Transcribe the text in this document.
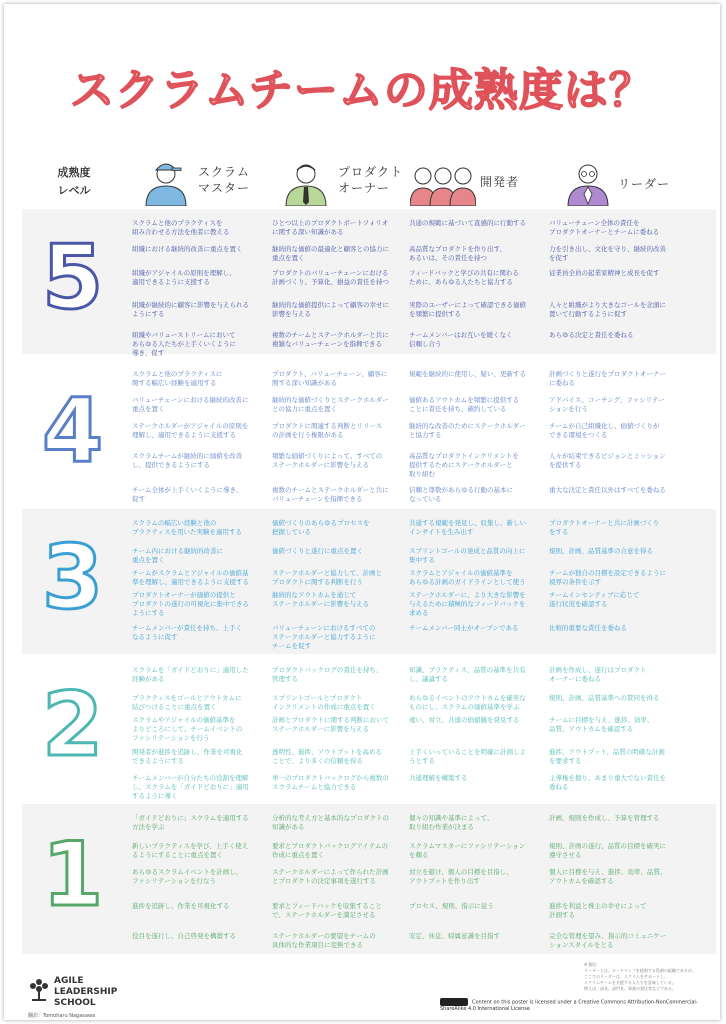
スクラムチームの成熟度は？
成熟度
レベル
スクラム
マスター
プロダクト
オーナー	開発者	リーダー
5
スクラムと他のプラクティスを
組み合わせる方法を他者に教える
組織における継続的改善に重点を置く
組織がアジャイルの原則を理解し、
適用できるように支援する
組織が継続的に顧客に影響を与えられる
ようにする
組織やバリューストリームにおいて
あらゆる人たちが上手くいくように
導き、促す
ひとつ以上のプロダクトポートフォリオ
に関する深い知識がある
継続的な価値の最適化と顧客との協力に
重点を置く
プロダクトのバリューチェーンにおける
計画づくり、予算化、損益の責任を持つ
継続的な価値提供によって顧客の幸せに
影響を与える
複数のチームとステークホルダーと共に
複雑なバリューチェーンを指揮できる
共通の規範に基づいて直感的に行動する
高品質なプロダクトを作り出す、
あるいは、その責任を持つ
フィードバックと学びの共有に関わる
ために、あらゆる人たちと協力する
実際のユーザーによって確認できる価値
を頻繁に提供する
チームメンバーはお互いを緩くなく
信頼し合う
バリューチェーン全体の責任を
プロダクトオーナーとチームに委ねる
力を引き出し、文化を守り、継続的改善
を促す
従業員全員の起業家精神と成長を促す
人々と組織がより大きなゴールを念頭に
置いて行動するように促す
あらゆる決定と責任を委ねる
4
スクラムと他のプラクティスに
関する幅広い経験を適用する
バリューチェーンにおける継続的改善に
重点を置く
ステークホルダーがアジャイルの原則を
理解し、適用できるように支援する
スクラムチームが継続的に価値を改善
し、提供できるようにする
チーム全体が上手くいくように導き、
促す
プロダクト、バリューチェーン、顧客に
関する深い知識がある
継続的な価値づくりとステークホルダー
との協力に重点を置く
プロダクトに関連する判断とリリース
の計画を行う権限がある
頻繁な価値づくりによって、すべての
ステークホルダーに影響を与える
複数のチームとステークホルダーと共に
バリューチェーンを指揮できる
規範を継続的に使用し、疑い、更新する
価値あるアウトカムを頻繁に提供する
ことに責任を持ち、確約している
継続的な改善のためにステークホルダー
と協力する
高品質なプロダクトインクリメントを
提供するためにステークホルダーと
取り組む
信頼と尊敬があらゆる行動の基本に
なっている
計画づくりと遂行をプロダクトオーナー
に委ねる
アドバイス、コーチング、ファシリテー
ションを行う
チームが自己組織化し、価値づくりが
できる環境をつくる
人々が結束できるビジョンとミッション
を提供する
重大な決定と責任以外はすべてを委ねる
3
スクラムの幅広い経験と他の
プラクティスを用いた実験を適用する
チーム内における継続的改善に
重点を置く
チームがスクラムとアジャイルの価値基
準を理解し、適用できるように支援する
プロダクトオーナーが価値の提供と
プロダクトの遂行の可視化に集中できる
ようにする
チームメンバーが責任を持ち、上手く
なるように促す
価値づくりのあらゆるプロセスを
把握している
価値づくりと遂行に重点を置く
ステークホルダーと協力して、計画と
プロダクトに関する判断を行う
継続的なアウトカムを通じて
ステークホルダーに影響を与える
バリューチェーンにおけるすべての
ステークホルダーと協力するように
チームを促す
共通する規範を発見し、収集し、新しい
インサイトを生み出す
スプリントゴールの達成と品質の向上に
集中する
スクラムとアジャイルの価値基準を
あらゆる計画のガイドラインとして使う
ステークホルダーに、より大きな影響を
与えるために積極的なフィードバックを
求める
チームメンバー同士がオープンである
プロダクトオーナーと共に計画づくり
をする
規則、計画、品質基準の合意を得る
チームが独自の目標を設定できるように
境界の条件を示す
チームインセンティブに応じて
遂行状況を確認する
比較的重要な責任を委ねる
2
スクラムを「ガイドどおりに」適用した
経験がある
プラクティスをゴールとアウトカムに
結びつけることに重点を置く
スクラムやアジャイルの価値基準を
よりどころにして、チームイベントの
ファシリテーションを行う
開発者が進捗を追跡し、作業を可視化
できるようにする
チームメンバーが自分たちの役割を理解
し、スクラムを「ガイドどおりに」適用
するように導く
プロダクトバックログの責任を持ち、
管理する
スプリントゴールとプロダクト
インクリメントの作成に重点を置く
計画とプロダクトに関する判断において
ステークホルダーに影響を与える
透明性、進捗、アウトプットを高める
ことで、より多くの信頼を得る
単一のプロダクトバックログから複数の
スクラムチームと協力できる
知識、プラクティス、品質の基準を共有
し、議論する
あらゆるイベントのアウトカムを確実な
ものにし、スクラムの価値基準を学ぶ
違い、対立、共通の価値観を発見する
上手くいっていることを明確に計測しよ
うとする
共通理解を構築する
計画を作成し、遂行はプロダクト
オーナーに委ねる
規則、計画、品質基準への賛同を得る
チームに目標を与え、進捗、効率、
品質、アウトカムを確認する
進捗、アウトプット、品質の明確な計測
を要求する
主導権を握り、あまり重大でない責任を
委ねる
1
「ガイドどおりに」スクラムを適用する
方法を学ぶ
新しいプラクティスを学び、上手く使え
るようにすることに重点を置く
あらゆるスクラムイベントを計画し、
ファシリテーションを行なう
進捗を追跡し、作業を可視化する
役目を遂行し、自己啓発を構築する
分析的な考え方と基本的なプロダクトの
知識がある
要求とプロダクトバックログアイテムの
作成に重点を置く
ステークホルダーによって作られた計画
とプロダクトの決定事項を遂行する
要求とフィードバックを収集すること
で、ステークホルダーを満足させる
ステークホルダーの要望をチームの
具体的な作業項目に変換できる
個々の知識や基準によって、
取り組む作業が決まる
スクラムマスターにファシリテーション
を頼る
対立を避け、個人の目標を目指し、
アウトプットを作り出す
プロセス、規則、指示に従う
安定、休息、帰属意識を目指す
計画、規則を作成し、予算を管理する
規則、計画の遂行、品質の目標を確実に
遵守させる
個人に目標を与え、進捗、効率、品質、
アウトカムを確認する
進捗を利益と株主の幸せによって
計測する
完全な管理を望み、指示的コミュニケー
ションスタイルをとる
AGILE
LEADERSHIP
SCHOOL
翻訳：Tomoharu Nagasawa
※ 脚注
リーダーとは、ロードマップを提唱する役割の組織であるが、
ここでのリーダーは、スクラムをサポートし、
スクラムチームを支援する人たちを意味している。
例えば、部長、部門長、事業の責任者などである。
Content on this poster is licensed under a Creative Commons Attribution-NonCommercial-ShareAlike 4.0 International License
